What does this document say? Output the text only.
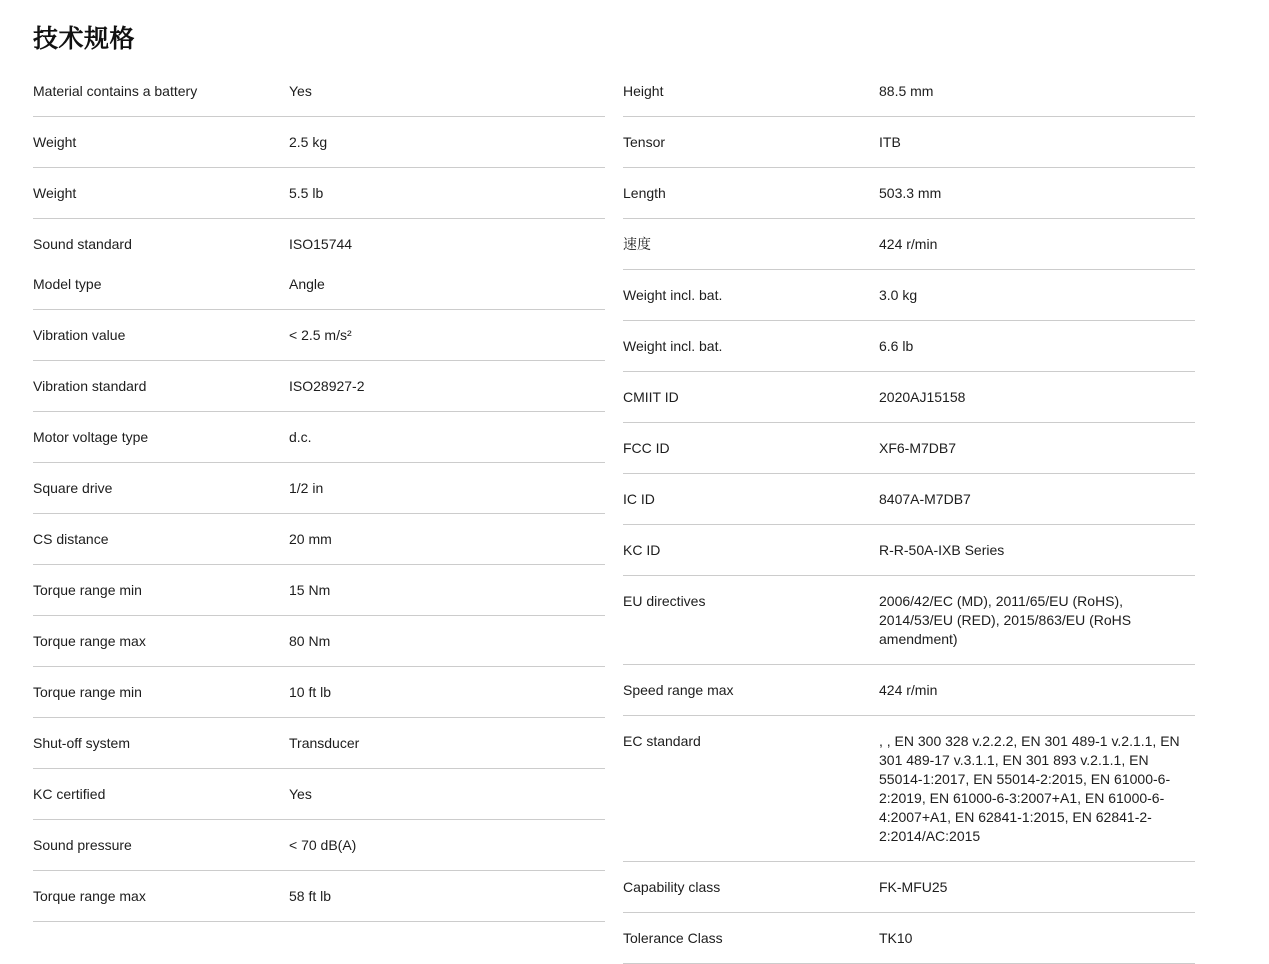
技术规格
Material contains a battery	Yes
Weight	2.5 kg
Weight	5.5 lb
Sound standard	ISO15744
Model type	Angle
Vibration value	< 2.5 m/s²
Vibration standard	ISO28927-2
Motor voltage type	d.c.
Square drive	1/2 in
CS distance	20 mm
Torque range min	15 Nm
Torque range max	80 Nm
Torque range min	10 ft lb
Shut-off system	Transducer
KC certified	Yes
Sound pressure	< 70 dB(A)
Torque range max	58 ft lb
Height	88.5 mm
Tensor	ITB
Length	503.3 mm
速度	424 r/min
Weight incl. bat.	3.0 kg
Weight incl. bat.	6.6 lb
CMIIT ID	2020AJ15158
FCC ID	XF6-M7DB7
IC ID	8407A-M7DB7
KC ID	R-R-50A-IXB Series
EU directives	2006/42/EC (MD), 2011/65/EU (RoHS), 2014/53/EU (RED), 2015/863/EU (RoHS amendment)
Speed range max	424 r/min
EC standard	, , EN 300 328 v.2.2.2, EN 301 489-1 v.2.1.1, EN 301 489-17 v.3.1.1, EN 301 893 v.2.1.1, EN 55014-1:2017, EN 55014-2:2015, EN 61000-6-2:2019, EN 61000-6-3:2007+A1, EN 61000-6-4:2007+A1, EN 62841-1:2015, EN 62841-2-2:2014/AC:2015
Capability class	FK-MFU25
Tolerance Class	TK10
